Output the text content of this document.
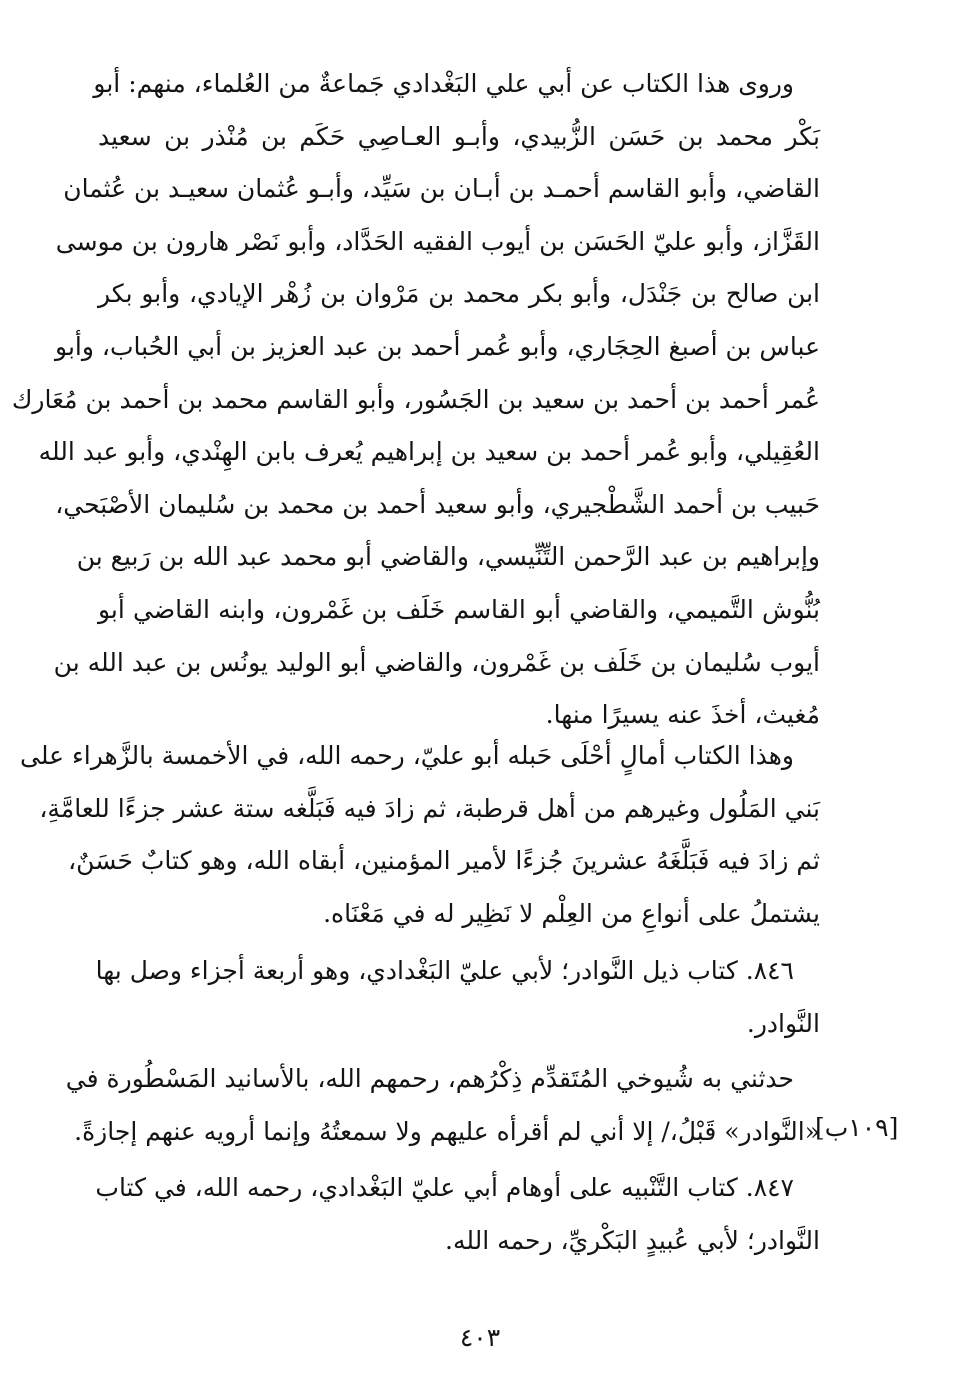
وروى هذا الكتاب عن أبي علي البَغْدادي جَماعةٌ من العُلماء، منهم: أبو
بَكْر محمد بن حَسَن الزُّبيدي، وأبـو العـاصِي حَكَم بن مُنْذر بن سعيد
القاضي، وأبو القاسم أحمـد بن أبـان بن سَيِّد، وأبـو عُثمان سعيـد بن عُثمان
القَزَّاز، وأبو عليّ الحَسَن بن أيوب الفقيه الحَدَّاد، وأبو نَصْر هارون بن موسى
ابن صالح بن جَنْدَل، وأبو بكر محمد بن مَرْوان بن زُهْر الإيادي، وأبو بكر
عباس بن أصبغ الحِجَاري، وأبو عُمر أحمد بن عبد العزيز بن أبي الحُباب، وأبو
عُمر أحمد بن أحمد بن سعيد بن الجَسُور، وأبو القاسم محمد بن أحمد بن مُعَارك
العُقِيلي، وأبو عُمر أحمد بن سعيد بن إبراهيم يُعرف بابن الهِنْدي، وأبو عبد الله
حَبيب بن أحمد الشَّطْجيري، وأبو سعيد أحمد بن محمد بن سُليمان الأصْبَحي،
وإبراهيم بن عبد الرَّحمن التِّنِّيسي، والقاضي أبو محمد عبد الله بن رَبيع بن
بُنُّوش التَّميمي، والقاضي أبو القاسم خَلَف بن غَمْرون، وابنه القاضي أبو
أيوب سُليمان بن خَلَف بن غَمْرون، والقاضي أبو الوليد يونُس بن عبد الله بن
مُغيث، أخذَ عنه يسيرًا منها.
وهذا الكتاب أمالٍ أحْلَى حَبله أبو عليّ، رحمه الله، في الأخمسة بالزَّهراء على
بَني المَلُول وغيرهم من أهل قرطبة، ثم زادَ فيه فَبَلَّغه ستة عشر جزءًا للعامَّةِ،
ثم زادَ فيه فَبَلَّغَهُ عشرينَ جُزءًا لأمير المؤمنين، أبقاه الله، وهو كتابٌ حَسَنٌ،
يشتملُ على أنواعِ من العِلْم لا نَظِير له في مَعْنَاه.
٨٤٦. كتاب ذيل النَّوادر؛ لأبي عليّ البَغْدادي، وهو أربعة أجزاء وصل بها
النَّوادر.
حدثني به شُيوخي المُتَقدِّم ذِكْرُهم، رحمهم الله، بالأسانيد المَسْطُورة في
«النَّوادر» قَبْلُ،/ إلا أني لم أقرأه عليهم ولا سمعتُهُ وإنما أرويه عنهم إجازةً.
[١٠٩ب]
٨٤٧. كتاب التَّنْبيه على أوهام أبي عليّ البَغْدادي، رحمه الله، في كتاب
النَّوادر؛ لأبي عُبيدٍ البَكْريِّ، رحمه الله.
٤٠٣
